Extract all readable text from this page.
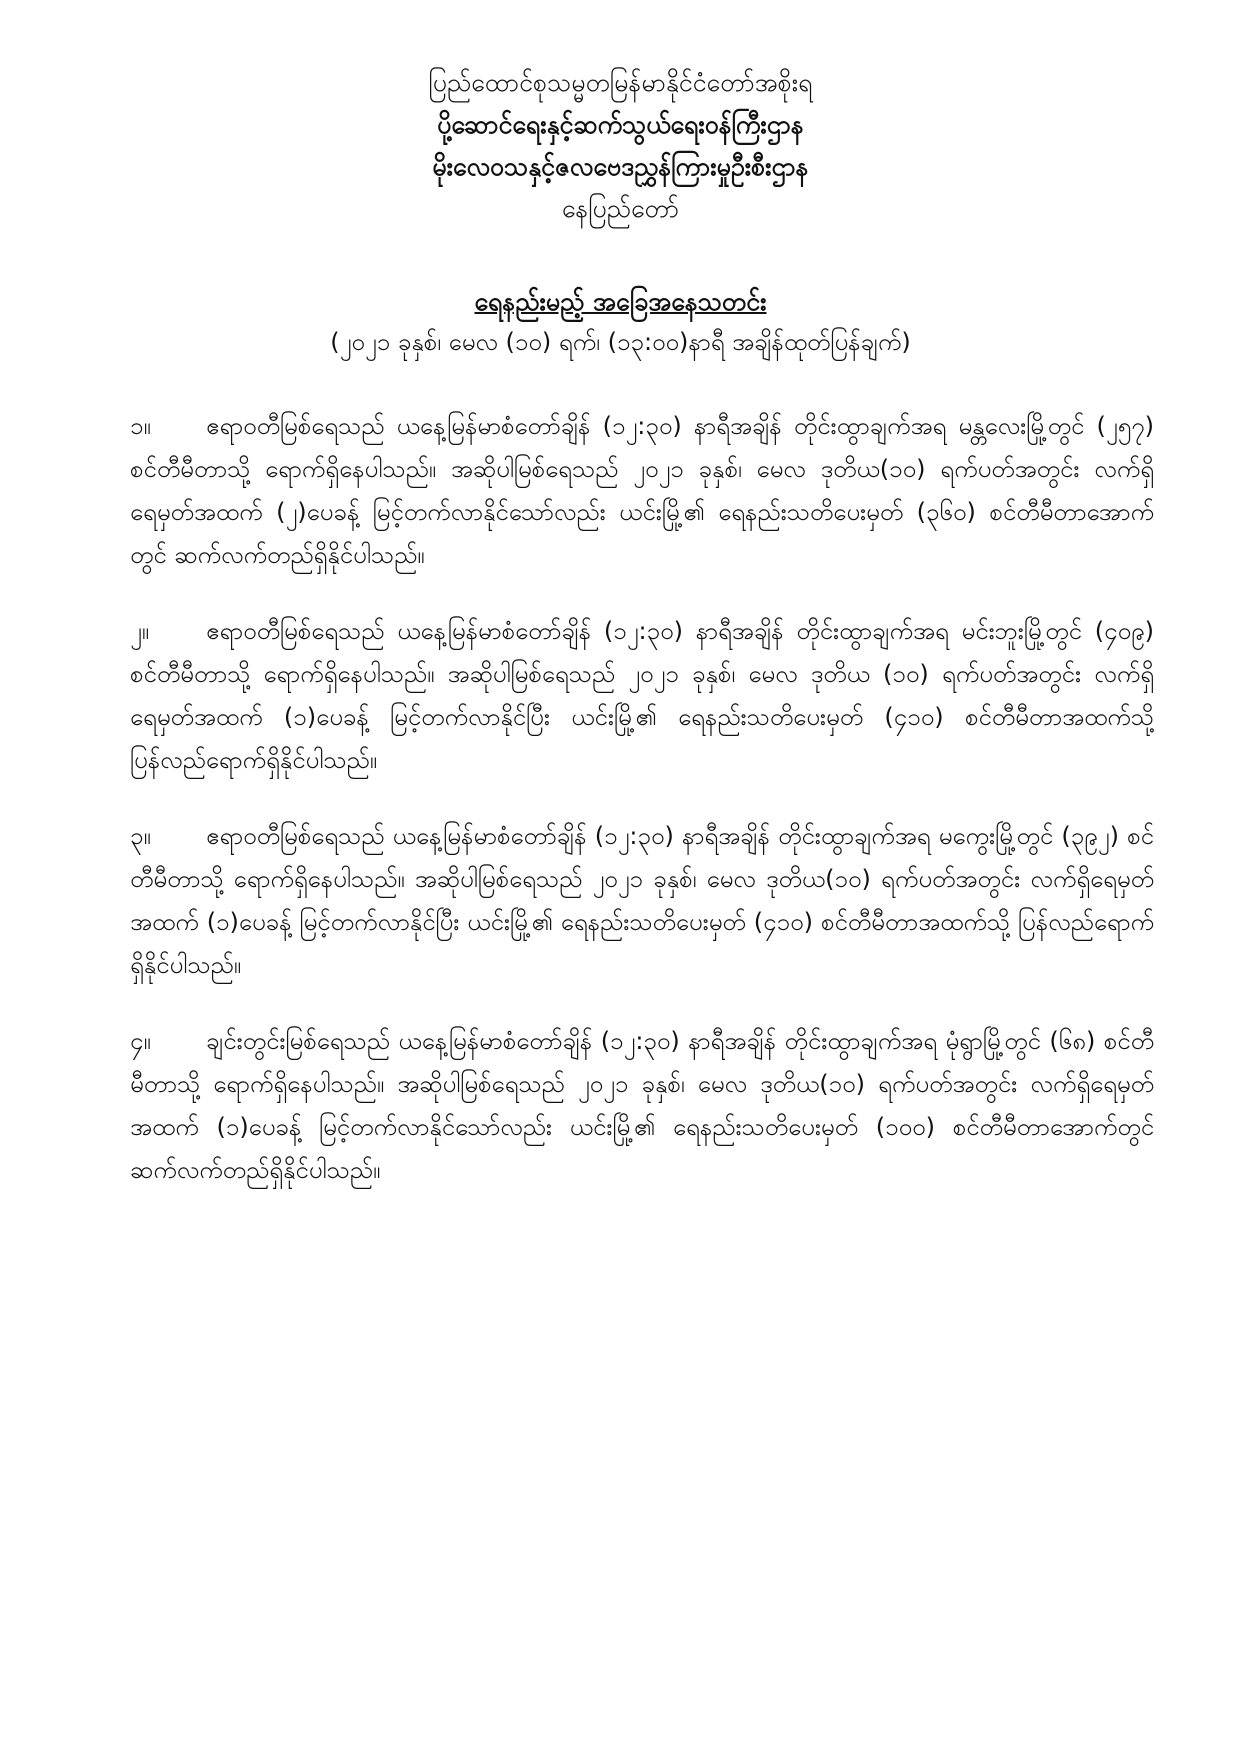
ပြည်ထောင်စုသမ္မတမြန်မာနိုင်ငံတော်အစိုးရ
ပို့ဆောင်ရေးနှင့်ဆက်သွယ်ရေးဝန်ကြီးဌာန
မိုးလေဝသနှင့်ဇလဗေဒညွှန်ကြားမှုဦးစီးဌာန
နေပြည်တော်
ရေနည်းမည့် အခြေအနေသတင်း
(၂၀၂၁ ခုနှစ်၊ မေလ (၁၀) ရက်၊ (၁၃:၀၀)နာရီ အချိန်ထုတ်ပြန်ချက်)

၁။ ဧရာဝတီမြစ်ရေသည် ယနေ့မြန်မာစံတော်ချိန် (၁၂:၃၀) နာရီအချိန် တိုင်းထွာချက်အရ မန္တလေးမြို့တွင် (၂၅၇) စင်တီမီတာသို့ ရောက်ရှိနေပါသည်။ အဆိုပါမြစ်ရေသည် ၂၀၂၁ ခုနှစ်၊ မေလ ဒုတိယ(၁၀) ရက်ပတ်အတွင်း လက်ရှိရေမှတ်အထက် (၂)ပေခန့် မြင့်တက်လာနိုင်သော်လည်း ယင်းမြို့၏ ရေနည်းသတိပေးမှတ် (၃၆၀) စင်တီမီတာအောက်တွင် ဆက်လက်တည်ရှိနိုင်ပါသည်။

၂။ ဧရာဝတီမြစ်ရေသည် ယနေ့မြန်မာစံတော်ချိန် (၁၂:၃၀) နာရီအချိန် တိုင်းထွာချက်အရ မင်းဘူးမြို့တွင် (၄၀၉) စင်တီမီတာသို့ ရောက်ရှိနေပါသည်။ အဆိုပါမြစ်ရေသည် ၂၀၂၁ ခုနှစ်၊ မေလ ဒုတိယ (၁၀) ရက်ပတ်အတွင်း လက်ရှိရေမှတ်အထက် (၁)ပေခန့် မြင့်တက်လာနိုင်ပြီး ယင်းမြို့၏ ရေနည်းသတိပေးမှတ် (၄၁၀) စင်တီမီတာအထက်သို့ ပြန်လည်ရောက်ရှိနိုင်ပါသည်။

၃။ ဧရာဝတီမြစ်ရေသည် ယနေ့မြန်မာစံတော်ချိန် (၁၂:၃၀) နာရီအချိန် တိုင်းထွာချက်အရ မကွေးမြို့တွင် (၃၉၂) စင်တီမီတာသို့ ရောက်ရှိနေပါသည်။ အဆိုပါမြစ်ရေသည် ၂၀၂၁ ခုနှစ်၊ မေလ ဒုတိယ(၁၀) ရက်ပတ်အတွင်း လက်ရှိရေမှတ်အထက် (၁)ပေခန့် မြင့်တက်လာနိုင်ပြီး ယင်းမြို့၏ ရေနည်းသတိပေးမှတ် (၄၁၀) စင်တီမီတာအထက်သို့ ပြန်လည်ရောက်ရှိနိုင်ပါသည်။

၄။ ချင်းတွင်းမြစ်ရေသည် ယနေ့မြန်မာစံတော်ချိန် (၁၂:၃၀) နာရီအချိန် တိုင်းထွာချက်အရ မုံရွာမြို့တွင် (၆၈) စင်တီမီတာသို့ ရောက်ရှိနေပါသည်။ အဆိုပါမြစ်ရေသည် ၂၀၂၁ ခုနှစ်၊ မေလ ဒုတိယ(၁၀) ရက်ပတ်အတွင်း လက်ရှိရေမှတ်အထက် (၁)ပေခန့် မြင့်တက်လာနိုင်သော်လည်း ယင်းမြို့၏ ရေနည်းသတိပေးမှတ် (၁၀၀) စင်တီမီတာအောက်တွင် ဆက်လက်တည်ရှိနိုင်ပါသည်။
